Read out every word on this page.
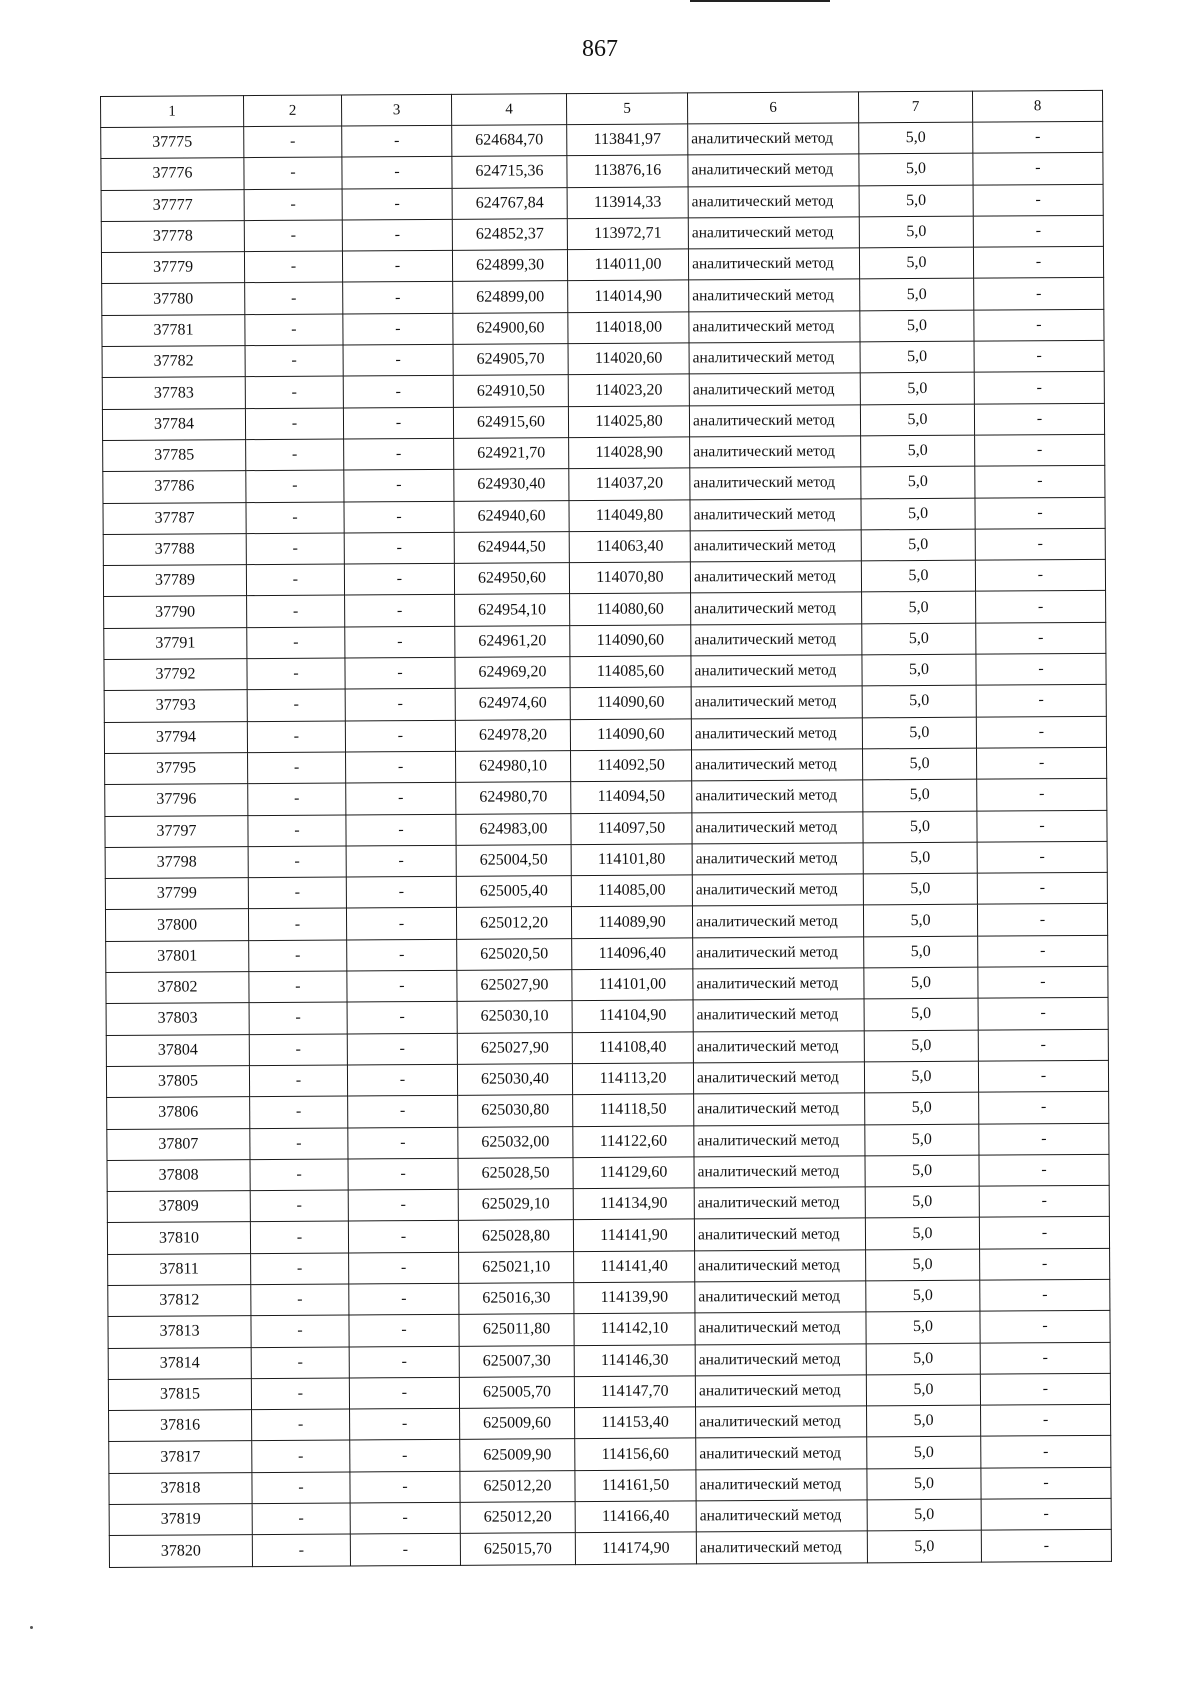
867
1	2	3	4	5	6	7	8
37775	-	-	624684,70	113841,97	аналитический метод	5,0	-
37776	-	-	624715,36	113876,16	аналитический метод	5,0	-
37777	-	-	624767,84	113914,33	аналитический метод	5,0	-
37778	-	-	624852,37	113972,71	аналитический метод	5,0	-
37779	-	-	624899,30	114011,00	аналитический метод	5,0	-
37780	-	-	624899,00	114014,90	аналитический метод	5,0	-
37781	-	-	624900,60	114018,00	аналитический метод	5,0	-
37782	-	-	624905,70	114020,60	аналитический метод	5,0	-
37783	-	-	624910,50	114023,20	аналитический метод	5,0	-
37784	-	-	624915,60	114025,80	аналитический метод	5,0	-
37785	-	-	624921,70	114028,90	аналитический метод	5,0	-
37786	-	-	624930,40	114037,20	аналитический метод	5,0	-
37787	-	-	624940,60	114049,80	аналитический метод	5,0	-
37788	-	-	624944,50	114063,40	аналитический метод	5,0	-
37789	-	-	624950,60	114070,80	аналитический метод	5,0	-
37790	-	-	624954,10	114080,60	аналитический метод	5,0	-
37791	-	-	624961,20	114090,60	аналитический метод	5,0	-
37792	-	-	624969,20	114085,60	аналитический метод	5,0	-
37793	-	-	624974,60	114090,60	аналитический метод	5,0	-
37794	-	-	624978,20	114090,60	аналитический метод	5,0	-
37795	-	-	624980,10	114092,50	аналитический метод	5,0	-
37796	-	-	624980,70	114094,50	аналитический метод	5,0	-
37797	-	-	624983,00	114097,50	аналитический метод	5,0	-
37798	-	-	625004,50	114101,80	аналитический метод	5,0	-
37799	-	-	625005,40	114085,00	аналитический метод	5,0	-
37800	-	-	625012,20	114089,90	аналитический метод	5,0	-
37801	-	-	625020,50	114096,40	аналитический метод	5,0	-
37802	-	-	625027,90	114101,00	аналитический метод	5,0	-
37803	-	-	625030,10	114104,90	аналитический метод	5,0	-
37804	-	-	625027,90	114108,40	аналитический метод	5,0	-
37805	-	-	625030,40	114113,20	аналитический метод	5,0	-
37806	-	-	625030,80	114118,50	аналитический метод	5,0	-
37807	-	-	625032,00	114122,60	аналитический метод	5,0	-
37808	-	-	625028,50	114129,60	аналитический метод	5,0	-
37809	-	-	625029,10	114134,90	аналитический метод	5,0	-
37810	-	-	625028,80	114141,90	аналитический метод	5,0	-
37811	-	-	625021,10	114141,40	аналитический метод	5,0	-
37812	-	-	625016,30	114139,90	аналитический метод	5,0	-
37813	-	-	625011,80	114142,10	аналитический метод	5,0	-
37814	-	-	625007,30	114146,30	аналитический метод	5,0	-
37815	-	-	625005,70	114147,70	аналитический метод	5,0	-
37816	-	-	625009,60	114153,40	аналитический метод	5,0	-
37817	-	-	625009,90	114156,60	аналитический метод	5,0	-
37818	-	-	625012,20	114161,50	аналитический метод	5,0	-
37819	-	-	625012,20	114166,40	аналитический метод	5,0	-
37820	-	-	625015,70	114174,90	аналитический метод	5,0	-
